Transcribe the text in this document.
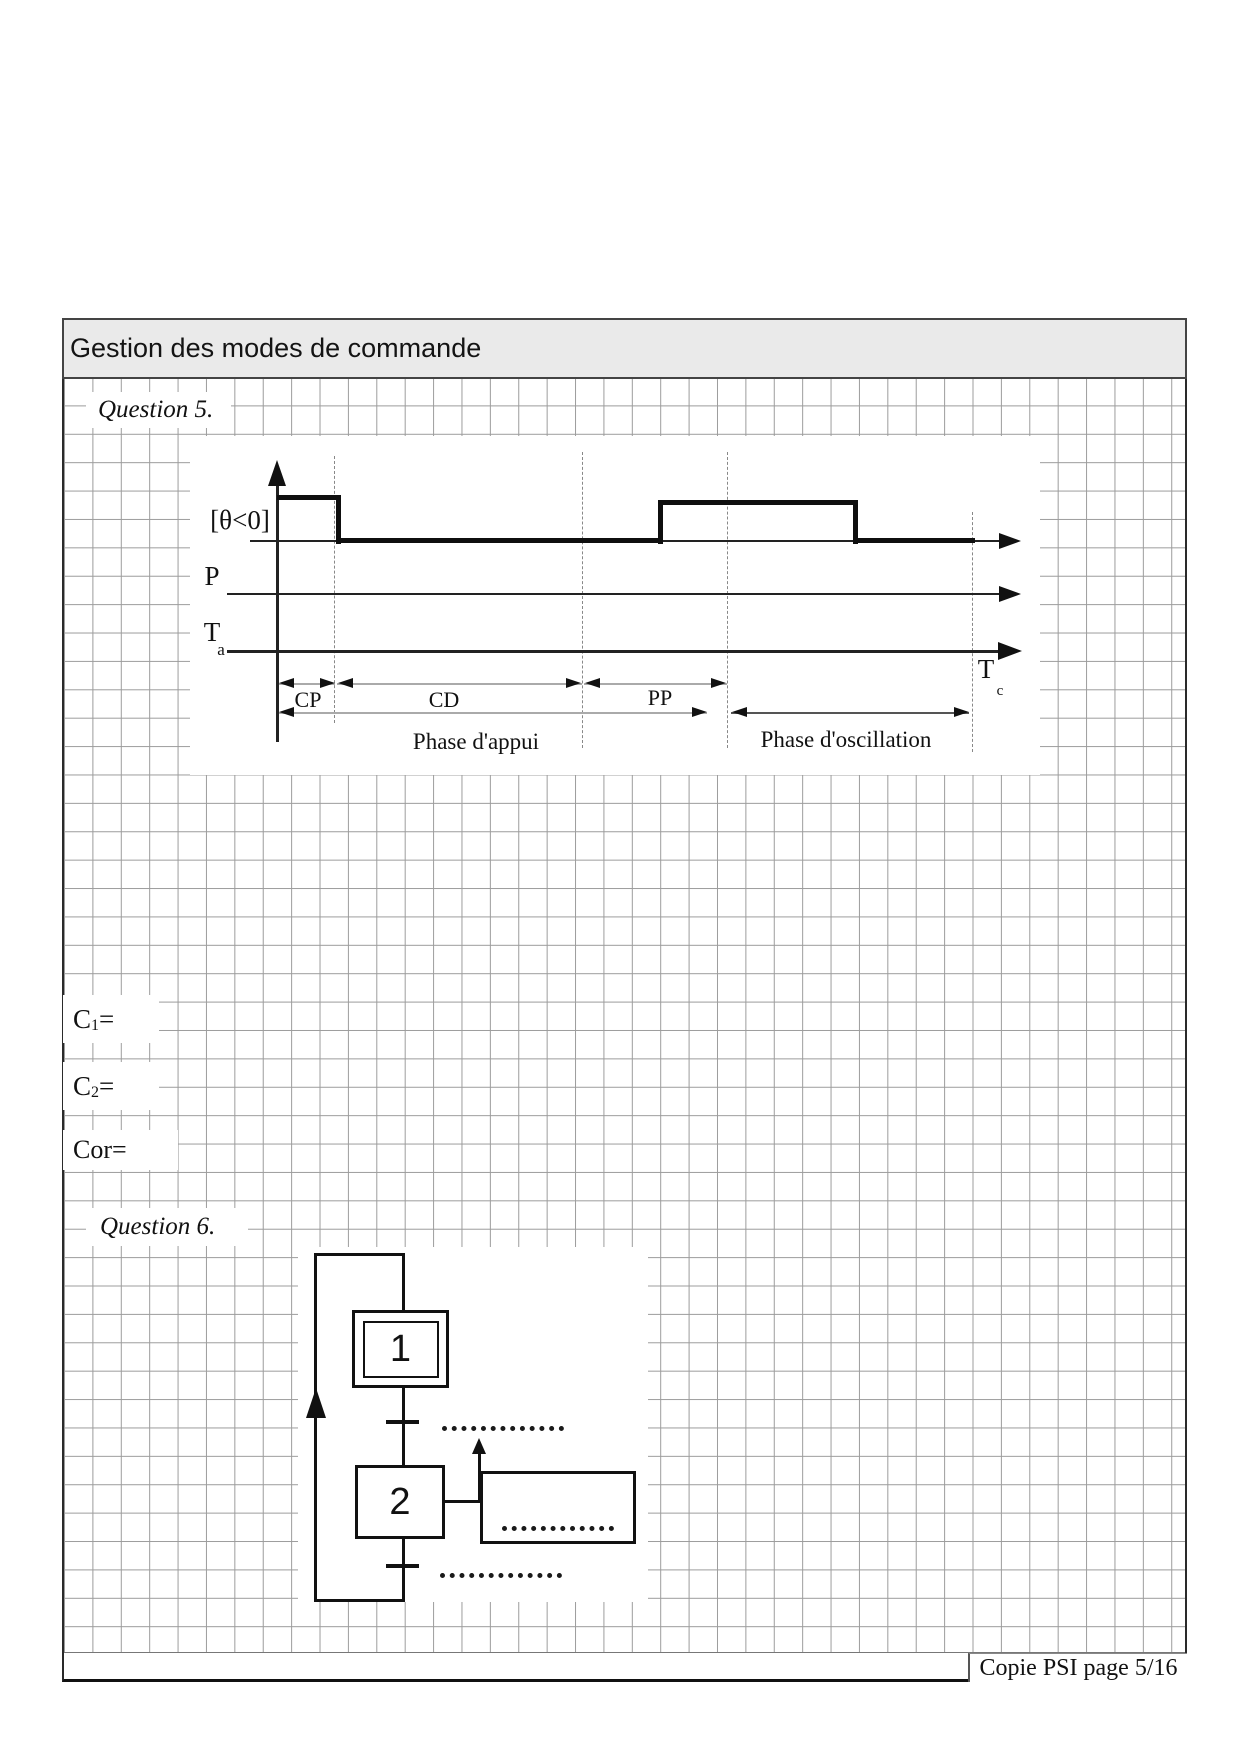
Gestion des modes de commande
Question 5.
[θ<0]
P
T
a
T
c
CP	CD	PP
Phase d'appui	Phase d'oscillation
C 1 =
C 2 =
Cor =
Question 6.
1
2
Copie PSI page 5/16
